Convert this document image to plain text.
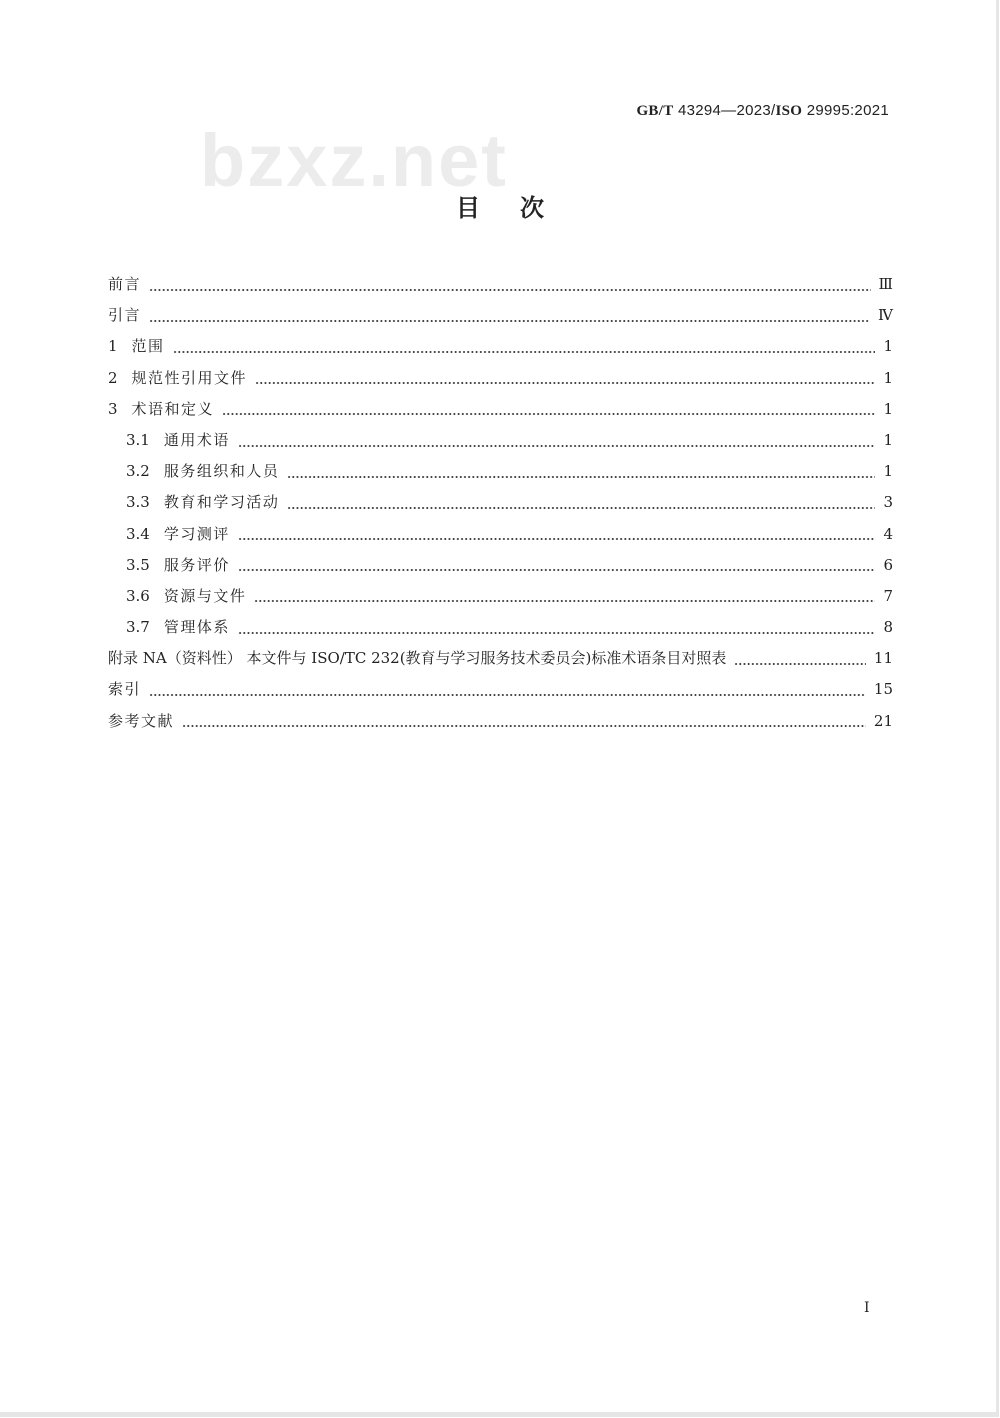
bzxz.net
GB/T 43294—2023/ISO 29995:2021
目次
前言	Ⅲ
引言	Ⅳ
1 范围	1
2 规范性引用文件	1
3 术语和定义	1
3.1 通用术语	1
3.2 服务组织和人员	1
3.3 教育和学习活动	3
3.4 学习测评	4
3.5 服务评价	6
3.6 资源与文件	7
3.7 管理体系	8
附录 NA（资料性） 本文件与 ISO/TC 232(教育与学习服务技术委员会)标准术语条目对照表	11
索引	15
参考文献	21
I
